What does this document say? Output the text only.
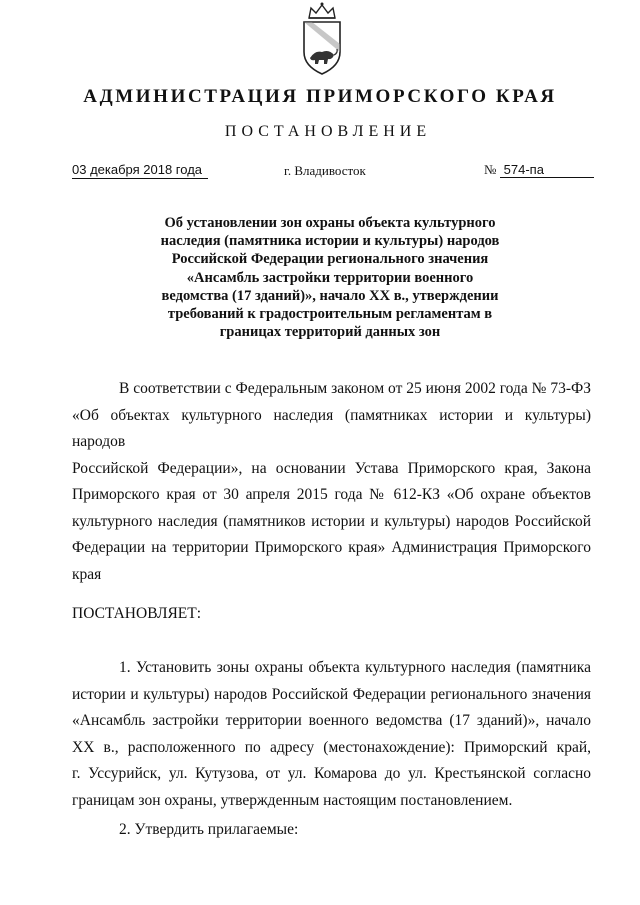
АДМИНИСТРАЦИЯ ПРИМОРСКОГО КРАЯ
ПОСТАНОВЛЕНИЕ
03 декабря 2018 года	г. Владивосток	№ 574-па
Об установлении зон охраны объекта культурного наследия (памятника истории и культуры) народов Российской Федерации регионального значения «Ансамбль застройки территории военного ведомства (17 зданий)», начало XX в., утверждении требований к градостроительным регламентам в границах территорий данных зон
В соответствии с Федеральным законом от 25 июня 2002 года № 73-ФЗ
«Об объектах культурного наследия (памятниках истории и культуры) народов
Российской Федерации», на основании Устава Приморского края, Закона
Приморского края от 30 апреля 2015 года № 612-КЗ «Об охране объектов
культурного наследия (памятников истории и культуры) народов Российской
Федерации на территории Приморского края» Администрация Приморского
края
ПОСТАНОВЛЯЕТ:
1. Установить зоны охраны объекта культурного наследия (памятника
истории и культуры) народов Российской Федерации регионального значения
«Ансамбль застройки территории военного ведомства (17 зданий)», начало
XX в., расположенного по адресу (местонахождение): Приморский край,
г. Уссурийск, ул. Кутузова, от ул. Комарова до ул. Крестьянской согласно
границам зон охраны, утвержденным настоящим постановлением.
2. Утвердить прилагаемые:
